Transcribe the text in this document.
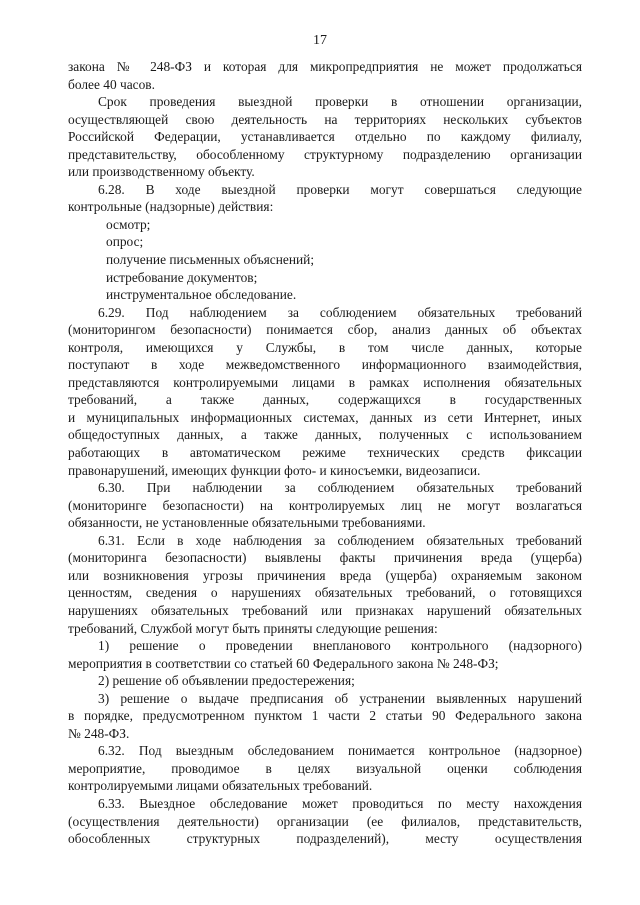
17
закона № 248-ФЗ и которая для микропредприятия не может продолжаться
более 40 часов.
Срок проведения выездной проверки в отношении организации,
осуществляющей свою деятельность на территориях нескольких субъектов
Российской Федерации, устанавливается отдельно по каждому филиалу,
представительству, обособленному структурному подразделению организации
или производственному объекту.
6.28. В ходе выездной проверки могут совершаться следующие
контрольные (надзорные) действия:
осмотр;
опрос;
получение письменных объяснений;
истребование документов;
инструментальное обследование.
6.29. Под наблюдением за соблюдением обязательных требований
(мониторингом безопасности) понимается сбор, анализ данных об объектах
контроля, имеющихся у Службы, в том числе данных, которые
поступают в ходе межведомственного информационного взаимодействия,
представляются контролируемыми лицами в рамках исполнения обязательных
требований, а также данных, содержащихся в государственных
и муниципальных информационных системах, данных из сети Интернет, иных
общедоступных данных, а также данных, полученных с использованием
работающих в автоматическом режиме технических средств фиксации
правонарушений, имеющих функции фото- и киносъемки, видеозаписи.
6.30. При наблюдении за соблюдением обязательных требований
(мониторинге безопасности) на контролируемых лиц не могут возлагаться
обязанности, не установленные обязательными требованиями.
6.31. Если в ходе наблюдения за соблюдением обязательных требований
(мониторинга безопасности) выявлены факты причинения вреда (ущерба)
или возникновения угрозы причинения вреда (ущерба) охраняемым законом
ценностям, сведения о нарушениях обязательных требований, о готовящихся
нарушениях обязательных требований или признаках нарушений обязательных
требований, Службой могут быть приняты следующие решения:
1) решение о проведении внепланового контрольного (надзорного)
мероприятия в соответствии со статьей 60 Федерального закона № 248-ФЗ;
2) решение об объявлении предостережения;
3) решение о выдаче предписания об устранении выявленных нарушений
в порядке, предусмотренном пунктом 1 части 2 статьи 90 Федерального закона
№ 248-ФЗ.
6.32. Под выездным обследованием понимается контрольное (надзорное)
мероприятие, проводимое в целях визуальной оценки соблюдения
контролируемыми лицами обязательных требований.
6.33. Выездное обследование может проводиться по месту нахождения
(осуществления деятельности) организации (ее филиалов, представительств,
обособленных структурных подразделений), месту осуществления
